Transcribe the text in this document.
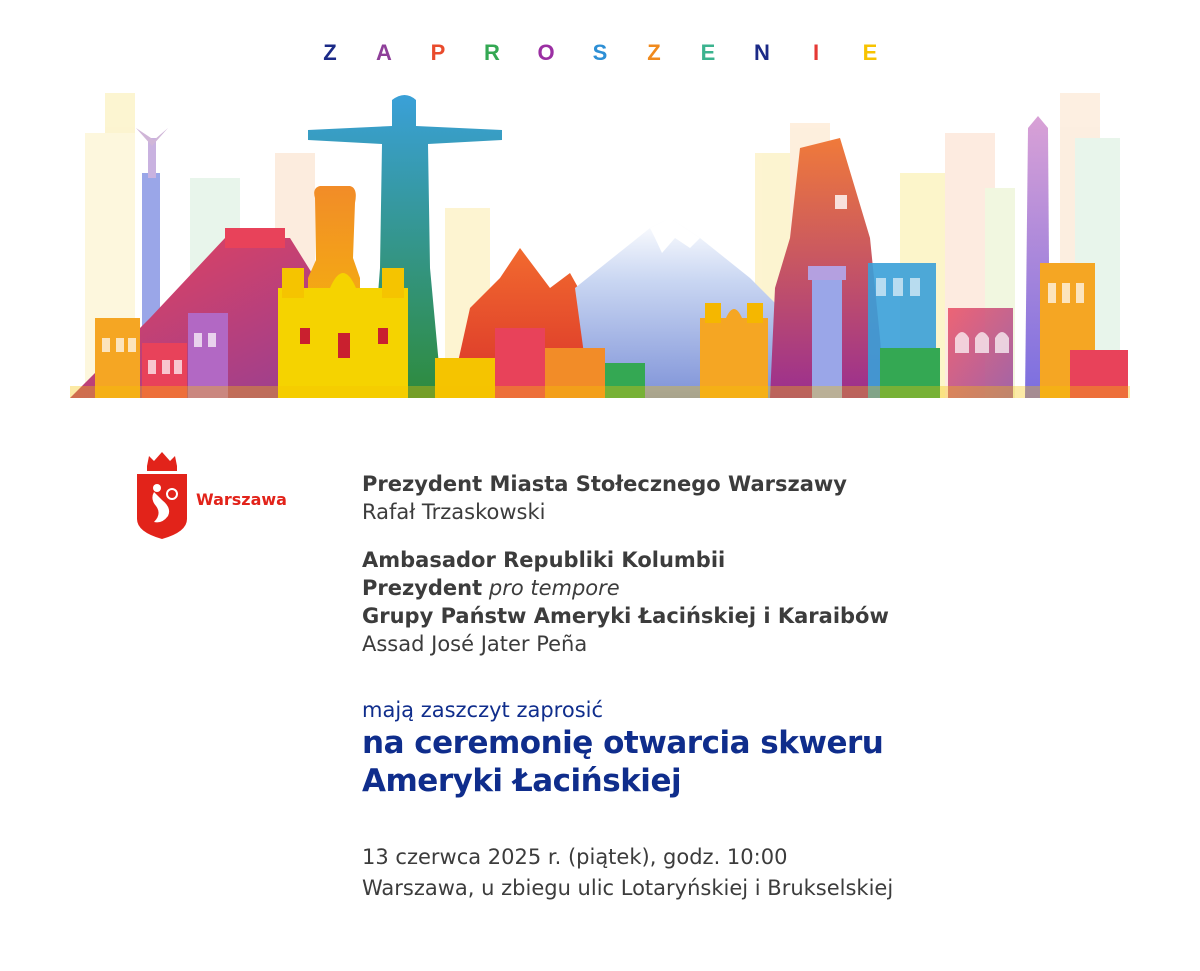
Z A P R O S Z E N I E
Warszawa
Prezydent Miasta Stołecznego Warszawy
Rafał Trzaskowski
Ambasador Republiki Kolumbii
Prezydent pro tempore
Grupy Państw Ameryki Łacińskiej i Karaibów
Assad José Jater Peña
mają zaszczyt zaprosić
na ceremonię otwarcia skweru
Ameryki Łacińskiej
13 czerwca 2025 r. (piątek), godz. 10:00
Warszawa, u zbiegu ulic Lotaryńskiej i Brukselskiej
